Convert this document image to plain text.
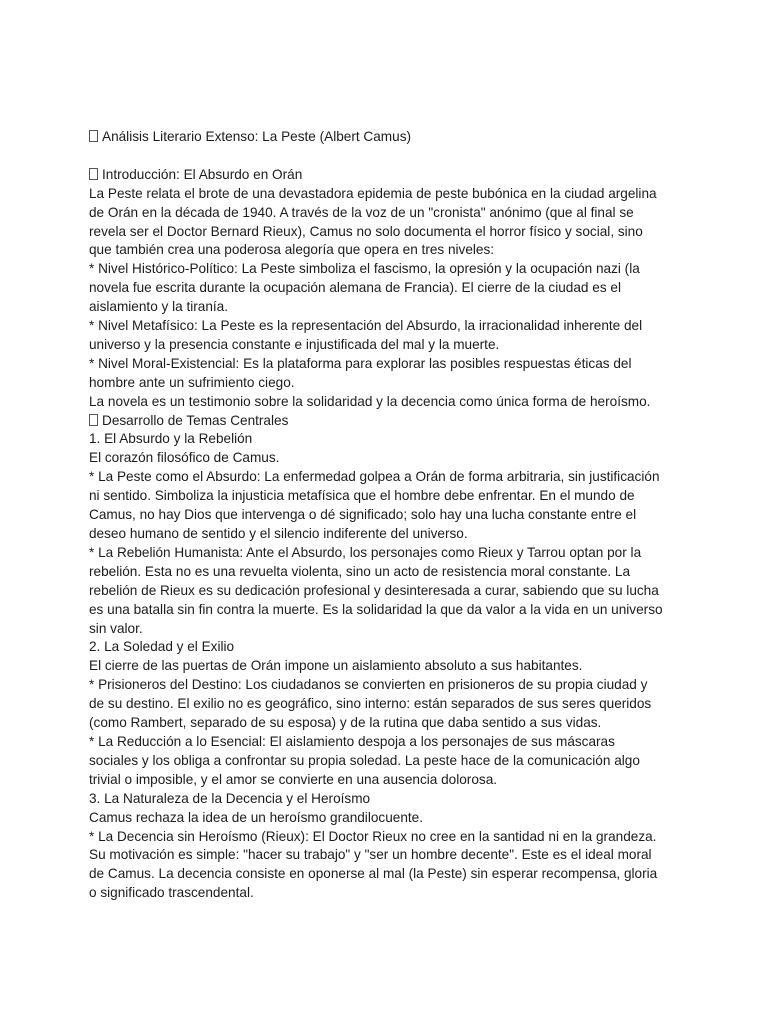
Análisis Literario Extenso: La Peste (Albert Camus)
Introducción: El Absurdo en Orán
La Peste relata el brote de una devastadora epidemia de peste bubónica en la ciudad argelina
de Orán en la década de 1940. A través de la voz de un "cronista" anónimo (que al final se
revela ser el Doctor Bernard Rieux), Camus no solo documenta el horror físico y social, sino
que también crea una poderosa alegoría que opera en tres niveles:
* Nivel Histórico-Político: La Peste simboliza el fascismo, la opresión y la ocupación nazi (la
novela fue escrita durante la ocupación alemana de Francia). El cierre de la ciudad es el
aislamiento y la tiranía.
* Nivel Metafísico: La Peste es la representación del Absurdo, la irracionalidad inherente del
universo y la presencia constante e injustificada del mal y la muerte.
* Nivel Moral-Existencial: Es la plataforma para explorar las posibles respuestas éticas del
hombre ante un sufrimiento ciego.
La novela es un testimonio sobre la solidaridad y la decencia como única forma de heroísmo.
Desarrollo de Temas Centrales
1. El Absurdo y la Rebelión
El corazón filosófico de Camus.
* La Peste como el Absurdo: La enfermedad golpea a Orán de forma arbitraria, sin justificación
ni sentido. Simboliza la injusticia metafísica que el hombre debe enfrentar. En el mundo de
Camus, no hay Dios que intervenga o dé significado; solo hay una lucha constante entre el
deseo humano de sentido y el silencio indiferente del universo.
* La Rebelión Humanista: Ante el Absurdo, los personajes como Rieux y Tarrou optan por la
rebelión. Esta no es una revuelta violenta, sino un acto de resistencia moral constante. La
rebelión de Rieux es su dedicación profesional y desinteresada a curar, sabiendo que su lucha
es una batalla sin fin contra la muerte. Es la solidaridad la que da valor a la vida en un universo
sin valor.
2. La Soledad y el Exilio
El cierre de las puertas de Orán impone un aislamiento absoluto a sus habitantes.
* Prisioneros del Destino: Los ciudadanos se convierten en prisioneros de su propia ciudad y
de su destino. El exilio no es geográfico, sino interno: están separados de sus seres queridos
(como Rambert, separado de su esposa) y de la rutina que daba sentido a sus vidas.
* La Reducción a lo Esencial: El aislamiento despoja a los personajes de sus máscaras
sociales y los obliga a confrontar su propia soledad. La peste hace de la comunicación algo
trivial o imposible, y el amor se convierte en una ausencia dolorosa.
3. La Naturaleza de la Decencia y el Heroísmo
Camus rechaza la idea de un heroísmo grandilocuente.
* La Decencia sin Heroísmo (Rieux): El Doctor Rieux no cree en la santidad ni en la grandeza.
Su motivación es simple: "hacer su trabajo" y "ser un hombre decente". Este es el ideal moral
de Camus. La decencia consiste en oponerse al mal (la Peste) sin esperar recompensa, gloria
o significado trascendental.
